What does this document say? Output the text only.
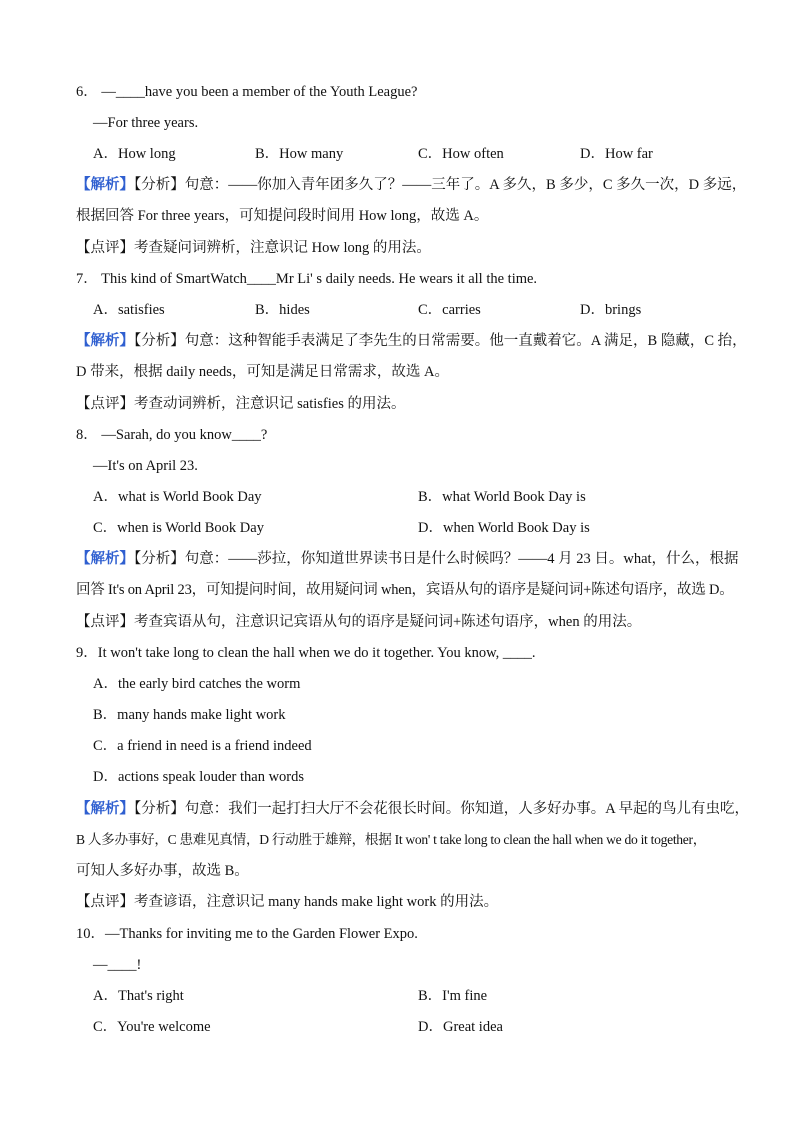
6． —____have you been a member of the Youth League?
—For three years.
A．How long	B．How many	C．How often	D．How far
【解析】【分析】句意：——你加入青年团多久了？——三年了。A 多久，B 多少，C 多久一次，D 多远，
根据回答 For three years，可知提问段时间用 How long，故选 A。
【点评】考查疑问词辨析，注意识记 How long 的用法。
7． This kind of SmartWatch____Mr Li' s daily needs. He wears it all the time.
A．satisfies	B．hides	C．carries	D．brings
【解析】【分析】句意：这种智能手表满足了李先生的日常需要。他一直戴着它。A 满足，B 隐藏，C 抬，
D 带来，根据 daily needs，可知是满足日常需求，故选 A。
【点评】考查动词辨析，注意识记 satisfies 的用法。
8． —Sarah, do you know____?
—It's on April 23.
A．what is World Book Day	B．what World Book Day is
C．when is World Book Day	D．when World Book Day is
【解析】【分析】句意：——莎拉，你知道世界读书日是什么时候吗？——4 月 23 日。what，什么，根据
回答 It's on April 23，可知提问时间，故用疑问词 when，宾语从句的语序是疑问词+陈述句语序，故选 D。
【点评】考查宾语从句，注意识记宾语从句的语序是疑问词+陈述句语序，when 的用法。
9．It won't take long to clean the hall when we do it together. You know, ____.
A．the early bird catches the worm
B．many hands make light work
C．a friend in need is a friend indeed
D．actions speak louder than words
【解析】【分析】句意：我们一起打扫大厅不会花很长时间。你知道，人多好办事。A 早起的鸟儿有虫吃，
B 人多办事好，C 患难见真情，D 行动胜于雄辩，根据 It won' t take long to clean the hall when we do it together，
可知人多好办事，故选 B。
【点评】考查谚语，注意识记 many hands make light work 的用法。
10．—Thanks for inviting me to the Garden Flower Expo.
—____!
A．That's right	B．I'm fine
C．You're welcome	D．Great idea
